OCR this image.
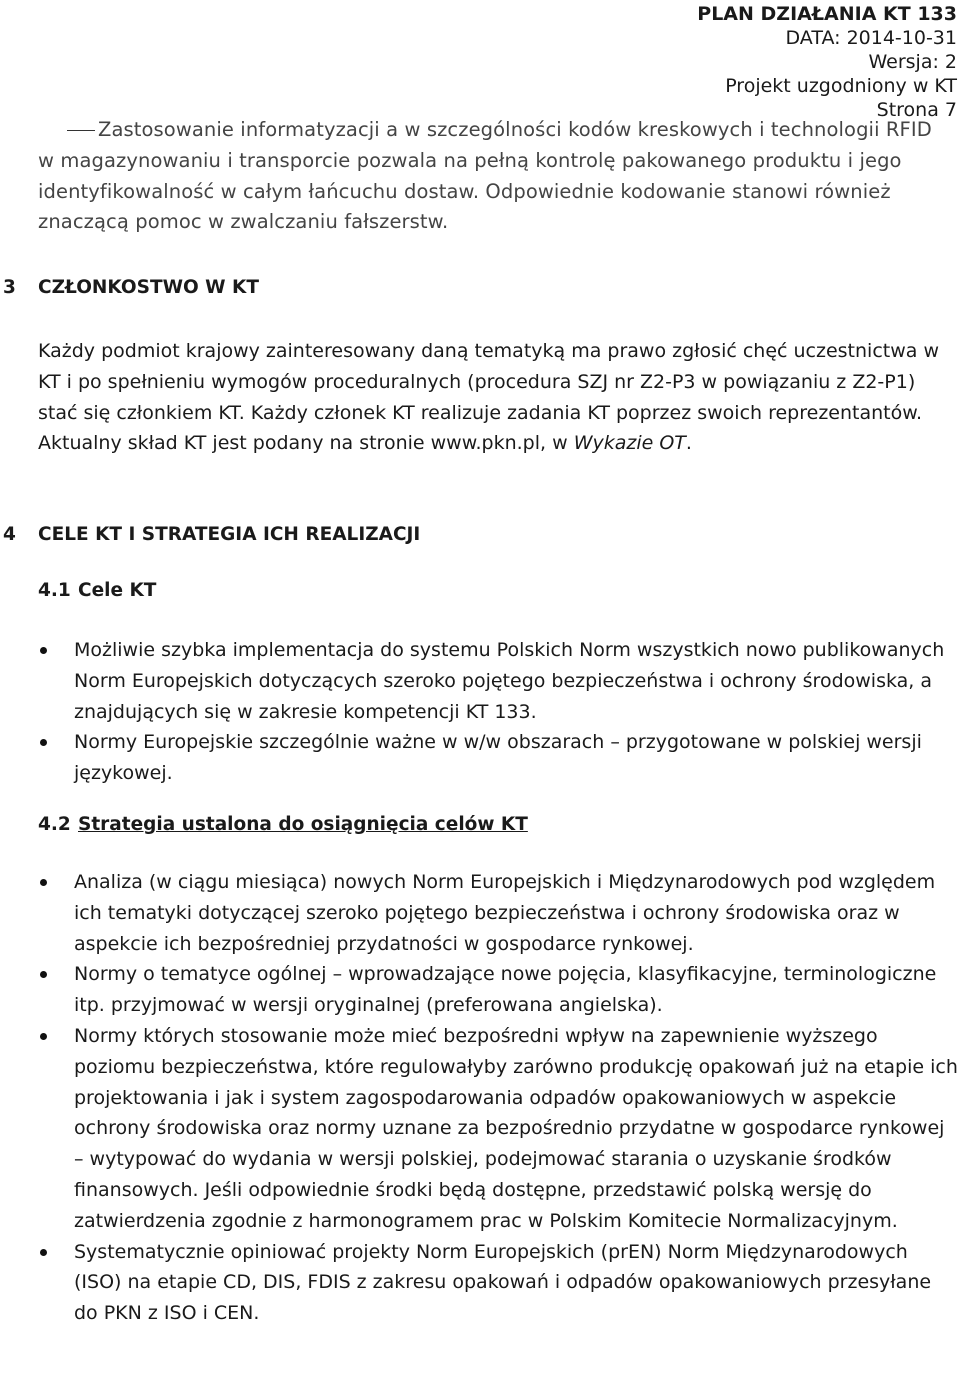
PLAN DZIAŁANIA KT 133
DATA: 2014-10-31
Wersja: 2
Projekt uzgodniony w KT
Strona 7

Zastosowanie informatyzacji a w szczególności kodów kreskowych i technologii RFID w magazynowaniu i transporcie pozwala na pełną kontrolę pakowanego produktu i jego identyfikowalność w całym łańcuchu dostaw. Odpowiednie kodowanie stanowi również znaczącą pomoc w zwalczaniu fałszerstw.

3 CZŁONKOSTWO W KT
Każdy podmiot krajowy zainteresowany daną tematyką ma prawo zgłosić chęć uczestnictwa w KT i po spełnieniu wymogów proceduralnych (procedura SZJ nr Z2-P3 w powiązaniu z Z2-P1) stać się członkiem KT. Każdy członek KT realizuje zadania KT poprzez swoich reprezentantów.
Aktualny skład KT jest podany na stronie www.pkn.pl, w Wykazie OT.
4 CELE KT I STRATEGIA ICH REALIZACJI
4.1 Cele KT
Możliwie szybka implementacja do systemu Polskich Norm wszystkich nowo publikowanych Norm Europejskich dotyczących szeroko pojętego bezpieczeństwa i ochrony środowiska, a znajdujących się w zakresie kompetencji KT 133.
Normy Europejskie szczególnie ważne w w/w obszarach – przygotowane w polskiej wersji językowej.
4.2 Strategia ustalona do osiągnięcia celów KT
Analiza (w ciągu miesiąca) nowych Norm Europejskich i Międzynarodowych pod względem ich tematyki dotyczącej szeroko pojętego bezpieczeństwa i ochrony środowiska oraz w aspekcie ich bezpośredniej przydatności w gospodarce rynkowej.
Normy o tematyce ogólnej – wprowadzające nowe pojęcia, klasyfikacyjne, terminologiczne itp. przyjmować w wersji oryginalnej (preferowana angielska).
Normy których stosowanie może mieć bezpośredni wpływ na zapewnienie wyższego poziomu bezpieczeństwa, które regulowałyby zarówno produkcję opakowań już na etapie ich projektowania i jak i system zagospodarowania odpadów opakowaniowych w aspekcie ochrony środowiska oraz normy uznane za bezpośrednio przydatne w gospodarce rynkowej – wytypować do wydania w wersji polskiej, podejmować starania o uzyskanie środków finansowych. Jeśli odpowiednie środki będą dostępne, przedstawić polską wersję do zatwierdzenia zgodnie z harmonogramem prac w Polskim Komitecie Normalizacyjnym.
Systematycznie opiniować projekty Norm Europejskich (prEN) Norm Międzynarodowych (ISO) na etapie CD, DIS, FDIS z zakresu opakowań i odpadów opakowaniowych przesyłane do PKN z ISO i CEN.
